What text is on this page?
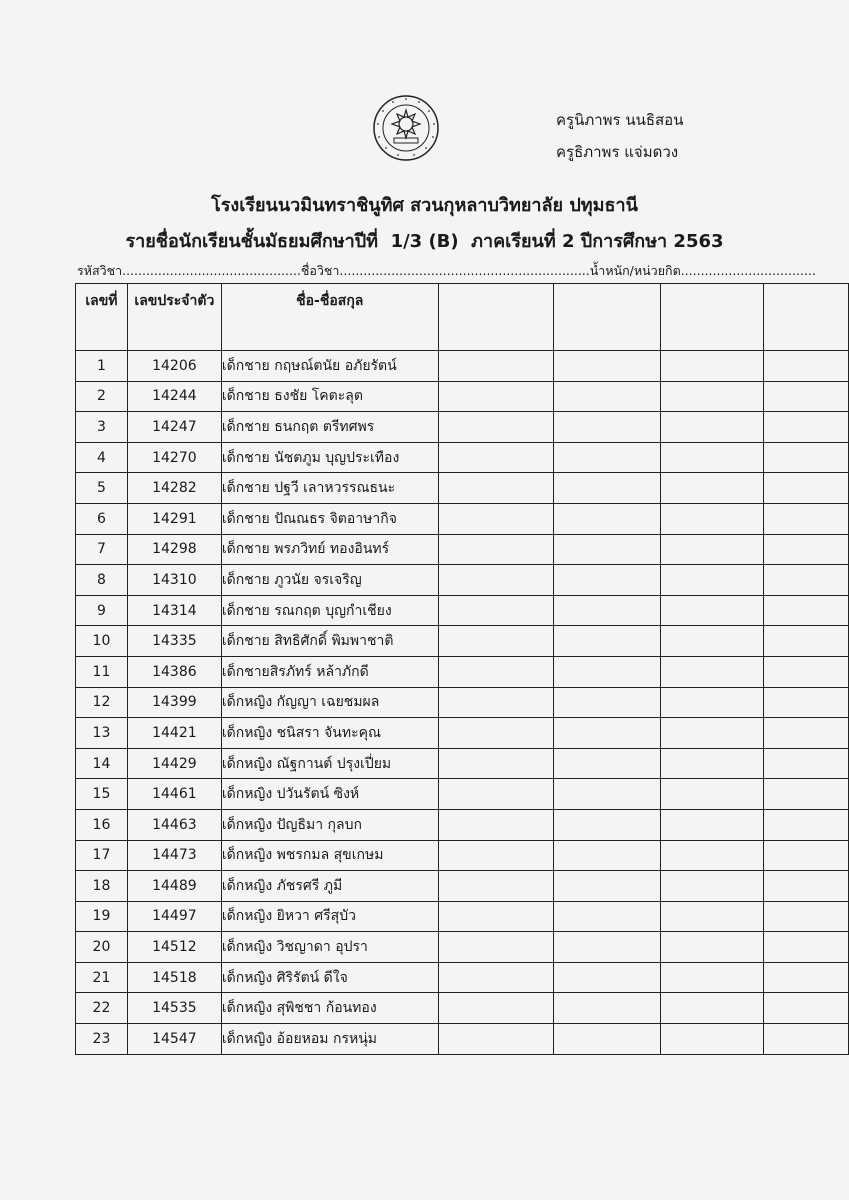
ครูนิภาพร นนธิสอน
ครูธิภาพร แจ่มดวง
โรงเรียนนวมินทราชินูทิศ สวนกุหลาบวิทยาลัย ปทุมธานี
รายชื่อนักเรียนชั้นมัธยมศึกษาปีที่  1/3 (B)  ภาคเรียนที่ 2 ปีการศึกษา 2563
รหัสวิชา.............................................ชื่อวิชา...............................................................น้ำหนัก/หน่วยกิต..................................
เลขที่	เลขประจำตัว	ชื่อ-ชื่อสกุล				
1	14206	เด็กชาย กฤษณ์ตนัย อภัยรัตน์				
2	14244	เด็กชาย ธงชัย โคตะลุต				
3	14247	เด็กชาย ธนกฤต ตรีทศพร				
4	14270	เด็กชาย นัชตภูม บุญประเทือง				
5	14282	เด็กชาย ปฐวี เลาหวรรณธนะ				
6	14291	เด็กชาย ปัณณธร จิตอาษากิจ				
7	14298	เด็กชาย พรภวิทย์ ทองอินทร์				
8	14310	เด็กชาย ภูวนัย จรเจริญ				
9	14314	เด็กชาย รณกฤต บุญกำเชียง				
10	14335	เด็กชาย สิทธิศักดิ์ พิมพาชาติ				
11	14386	เด็กชายสิรภัทร์ หล้าภักดี				
12	14399	เด็กหญิง กัญญา เฉยชมผล				
13	14421	เด็กหญิง ชนิสรา จันทะคุณ				
14	14429	เด็กหญิง ณัฐกานต์ ปรุงเปี่ยม				
15	14461	เด็กหญิง ปวันรัตน์ ซิงห์				
16	14463	เด็กหญิง ปัญธิมา กุลบก				
17	14473	เด็กหญิง พชรกมล สุขเกษม				
18	14489	เด็กหญิง ภัชรศรี ภูมี				
19	14497	เด็กหญิง ยิหวา ศรีสุบัว				
20	14512	เด็กหญิง วิชญาดา อุปรา				
21	14518	เด็กหญิง ศิริรัตน์ ดีใจ				
22	14535	เด็กหญิง สุพิชชา ก้อนทอง				
23	14547	เด็กหญิง อ้อยหอม กรหนุ่ม				
